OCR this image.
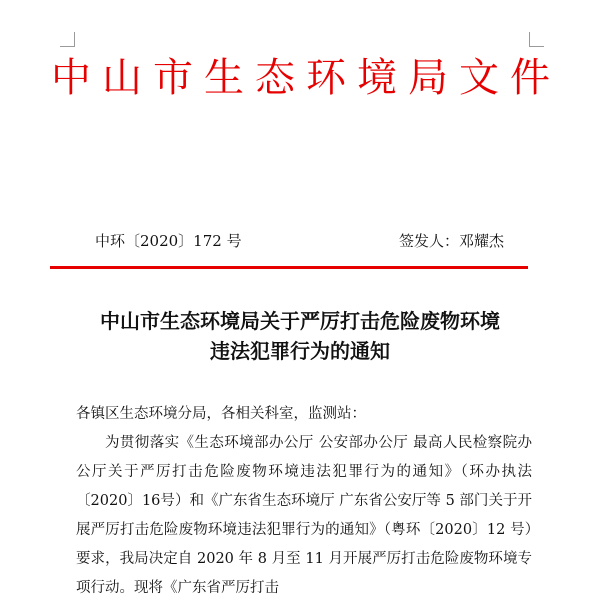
中山市生态环境局文件
中环〔2020〕172 号	签发人：邓耀杰
中山市生态环境局关于严厉打击危险废物环境
违法犯罪行为的通知

各镇区生态环境分局，各相关科室，监测站：

为贯彻落实《生态环境部办公厅 公安部办公厅 最高人民检察院办公厅关于严厉打击危险废物环境违法犯罪行为的通知》（环办执法〔2020〕16号）和《广东省生态环境厅 广东省公安厅等 5 部门关于开展严厉打击危险废物环境违法犯罪行为的通知》（粤环〔2020〕12 号）要求，我局决定自 2020 年 8 月至 11 月开展严厉打击危险废物环境专项行动。现将《广东省严厉打击
